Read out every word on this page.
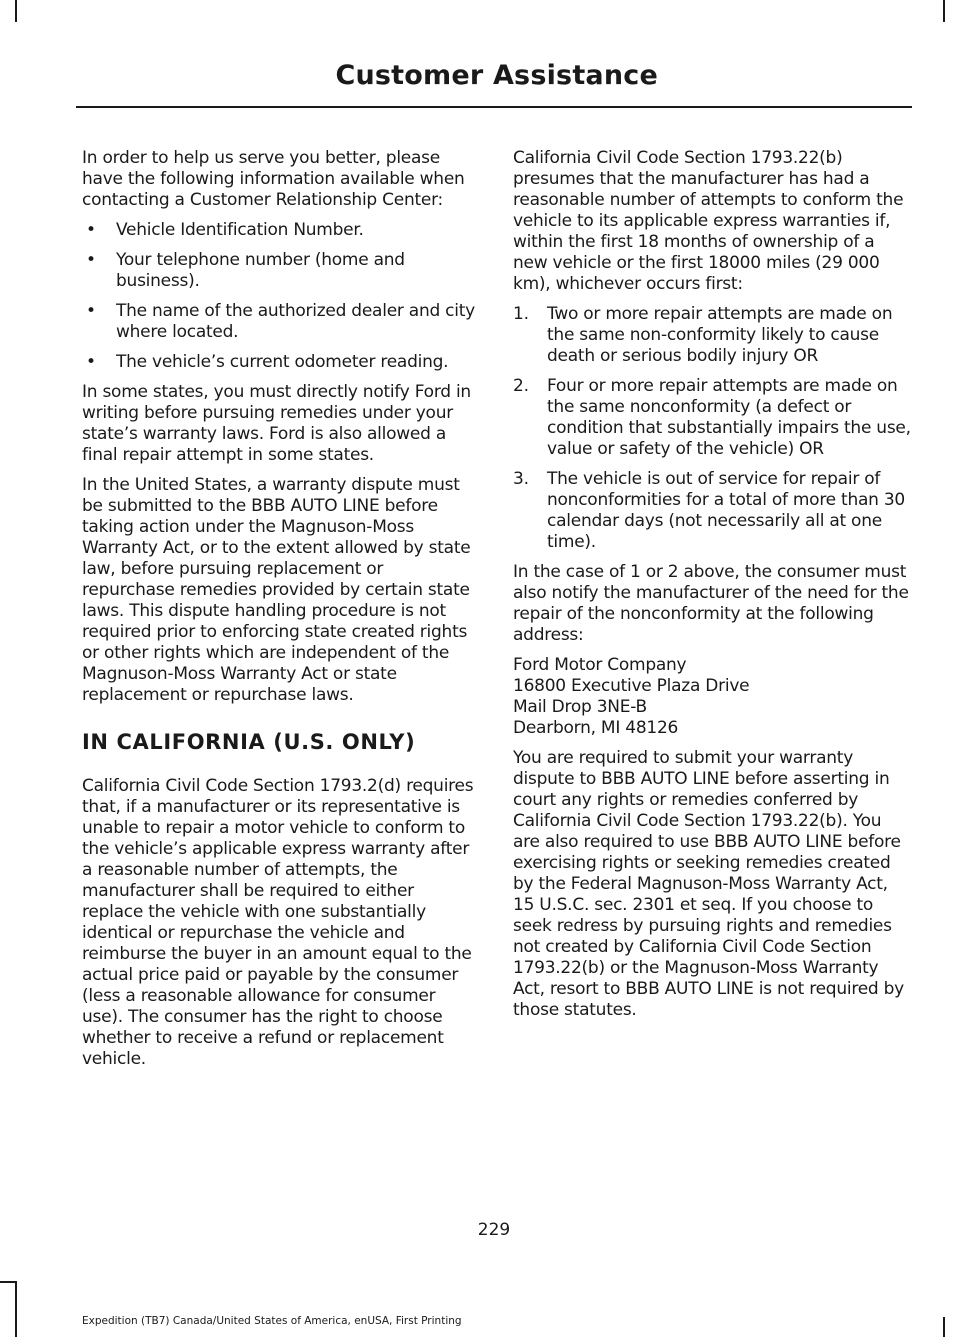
Customer Assistance

In order to help us serve you better, please have the following information available when contacting a Customer Relationship Center:

• Vehicle Identification Number.
• Your telephone number (home and business).
• The name of the authorized dealer and city where located.
• The vehicle’s current odometer reading.

In some states, you must directly notify Ford in writing before pursuing remedies under your state’s warranty laws. Ford is also allowed a final repair attempt in some states.

In the United States, a warranty dispute must be submitted to the BBB AUTO LINE before taking action under the Magnuson-Moss Warranty Act, or to the extent allowed by state law, before pursuing replacement or repurchase remedies provided by certain state laws. This dispute handling procedure is not required prior to enforcing state created rights or other rights which are independent of the Magnuson-Moss Warranty Act or state replacement or repurchase laws.

IN CALIFORNIA (U.S. ONLY)

California Civil Code Section 1793.2(d) requires that, if a manufacturer or its representative is unable to repair a motor vehicle to conform to the vehicle’s applicable express warranty after a reasonable number of attempts, the manufacturer shall be required to either replace the vehicle with one substantially identical or repurchase the vehicle and reimburse the buyer in an amount equal to the actual price paid or payable by the consumer (less a reasonable allowance for consumer use). The consumer has the right to choose whether to receive a refund or replacement vehicle.

California Civil Code Section 1793.22(b) presumes that the manufacturer has had a reasonable number of attempts to conform the vehicle to its applicable express warranties if, within the first 18 months of ownership of a new vehicle or the first 18000 miles (29 000 km), whichever occurs first:

1. Two or more repair attempts are made on the same non-conformity likely to cause death or serious bodily injury OR
2. Four or more repair attempts are made on the same nonconformity (a defect or condition that substantially impairs the use, value or safety of the vehicle) OR
3. The vehicle is out of service for repair of nonconformities for a total of more than 30 calendar days (not necessarily all at one time).

In the case of 1 or 2 above, the consumer must also notify the manufacturer of the need for the repair of the nonconformity at the following address:

Ford Motor Company

16800 Executive Plaza Drive

Mail Drop 3NE-B

Dearborn, MI 48126

You are required to submit your warranty dispute to BBB AUTO LINE before asserting in court any rights or remedies conferred by California Civil Code Section 1793.22(b). You are also required to use BBB AUTO LINE before exercising rights or seeking remedies created by the Federal Magnuson-Moss Warranty Act, 15 U.S.C. sec. 2301 et seq. If you choose to seek redress by pursuing rights and remedies not created by California Civil Code Section 1793.22(b) or the Magnuson-Moss Warranty Act, resort to BBB AUTO LINE is not required by those statutes.

229
Expedition (TB7) Canada/United States of America, enUSA, First Printing
